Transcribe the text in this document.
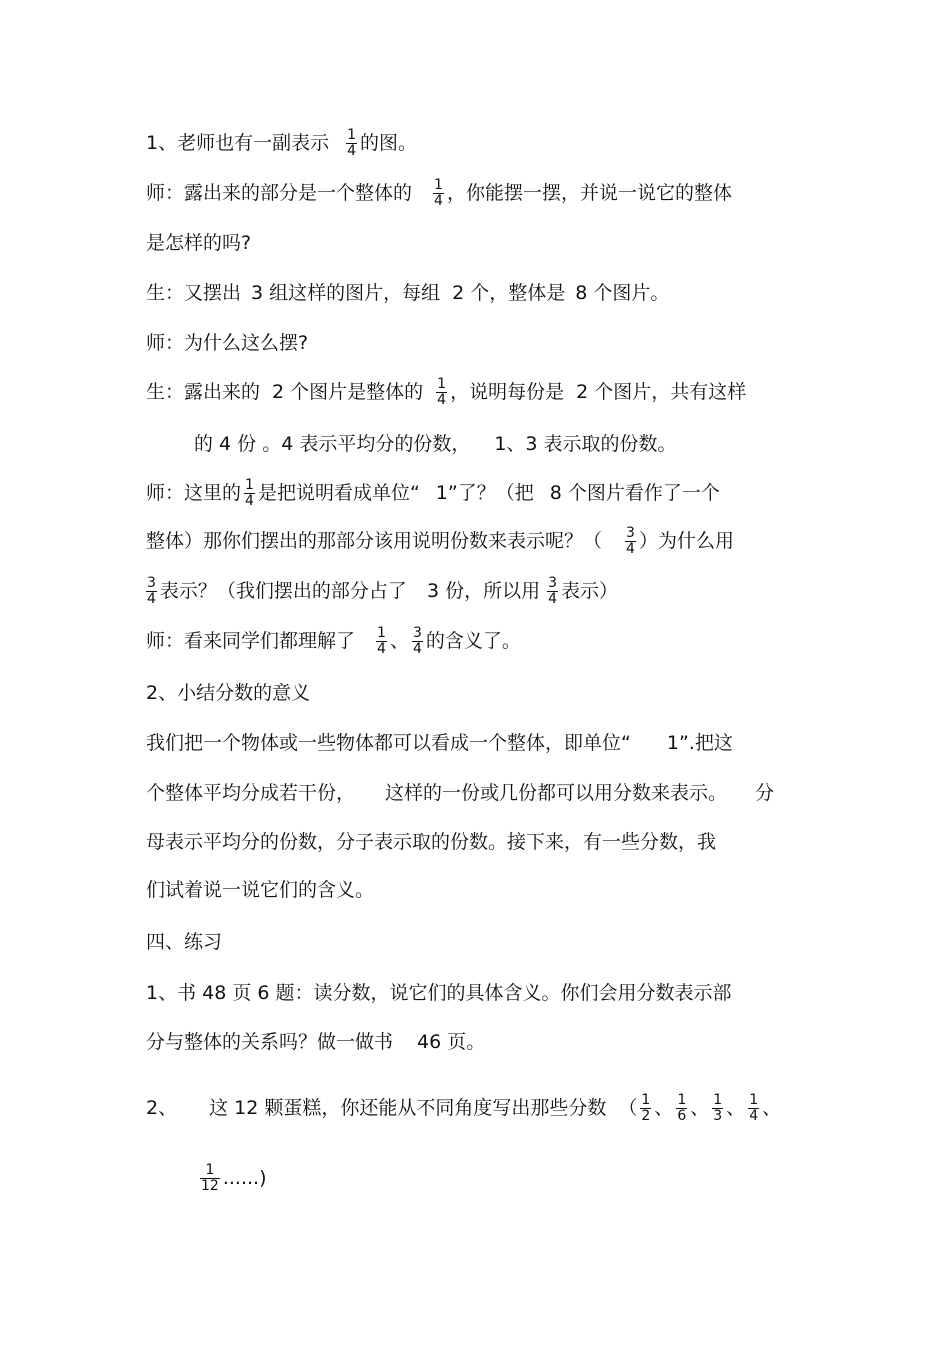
1、老师也有一副表示 $\frac{1}{4}$ 的图。
师：露出来的部分是一个整体的 $\frac{1}{4}$ ，你能摆一摆，并说一说它的整体
是怎样的吗?
生：又摆出 3 组这样的图片，每组 2 个，整体是 8 个图片。
师：为什么这么摆?
生：露出来的 2 个图片是整体的 $\frac{1}{4}$ ，说明每份是 2 个图片，共有这样
的 4 份 。4 表示平均分的份数， 1、3 表示取的份数。
师：这里的 $\frac{1}{4}$ 是把说明看成单位“ 1”了？（把 8 个图片看作了一个
整体）那你们摆出的那部分该用说明份数来表示呢？（ $\frac{3}{4}$ ）为什么用
$\frac{3}{4}$ 表示？（我们摆出的部分占了 3 份，所以用 $\frac{3}{4}$ 表示）
师：看来同学们都理解了 $\frac{1}{4}$ 、 $\frac{3}{4}$ 的含义了。
2、小结分数的意义
我们把一个物体或一些物体都可以看成一个整体，即单位“ 1”.把这
个整体平均分成若干份， 这样的一份或几份都可以用分数来表示。 分
母表示平均分的份数，分子表示取的份数。接下来，有一些分数，我
们试着说一说它们的含义。
四、练习
1、书 48 页 6 题：读分数，说它们的具体含义。你们会用分数表示部
分与整体的关系吗？做一做书 46 页。
2、 这 12 颗蛋糕，你还能从不同角度写出那些分数 （ $\frac{1}{2}$ 、 $\frac{1}{6}$ 、 $\frac{1}{3}$ 、 $\frac{1}{4}$ 、
$\frac{1}{12}$ ......)
